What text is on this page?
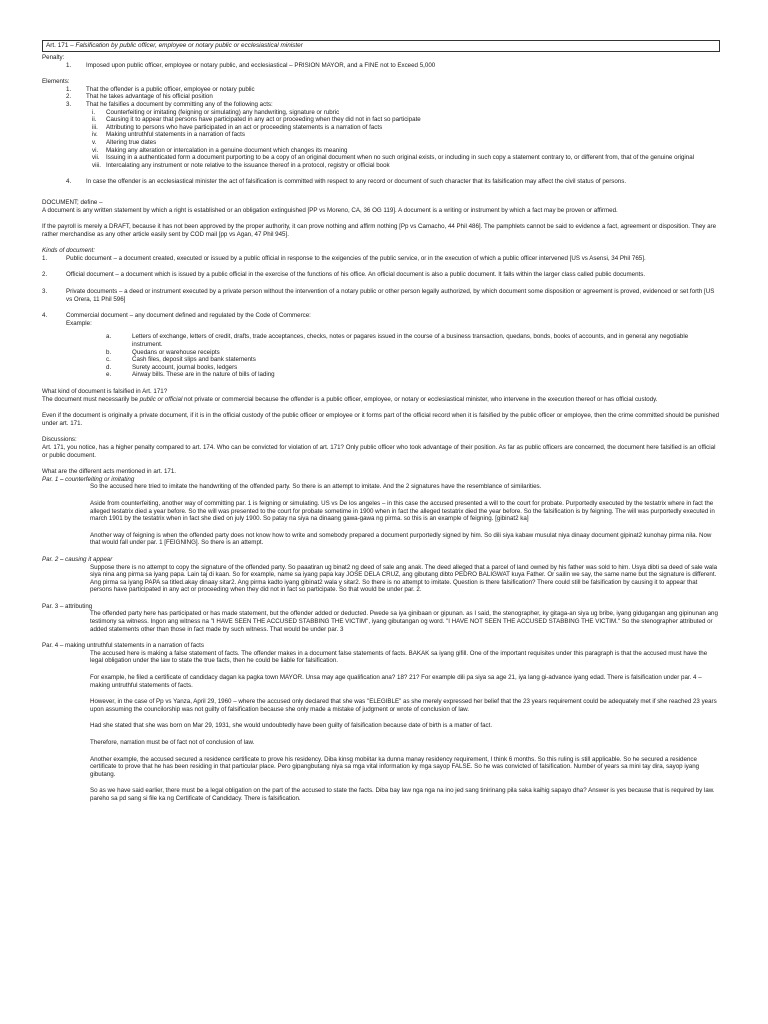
Art. 171 – Falsification by public officer, employee or notary public or ecclesiastical minister
Penalty:
1.	Imposed upon public officer, employee or notary public, and ecclesiastical – PRISION MAYOR, and a FINE not to Exceed 5,000
Elements:
1.	That the offender is a public officer, employee or notary public
2.	That he takes advantage of his official position
3.	That he falsifies a document by committing any of the following acts:
i.	Counterfeiting or imitating (feigning or simulating) any handwriting, signature or rubric
ii.	Causing it to appear that persons have participated in any act or proceeding when they did not in fact so participate
iii.	Attributing to persons who have participated in an act or proceeding statements is a narration of facts
iv.	Making untruthful statements in a narration of facts
v.	Altering true dates
vi.	Making any alteration or intercalation in a genuine document which changes its meaning
vii.	Issuing in a authenticated form a document purporting to be a copy of an original document when no such original exists, or including in such copy a statement contrary to, or different from, that of the genuine original
viii. Intercalating any instrument or note relative to the issuance thereof in a protocol, registry or official book
4.	In case the offender is an ecclesiastical minister the act of falsification is committed with respect to any record or document of such character that its falsification may affect the civil status of persons.

DOCUMENT; define –

A document is any written statement by which a right is established or an obligation extinguished [PP vs Moreno, CA, 36 OG 119]. A document is a writing or instrument by which a fact may be proven or affirmed.

If the payroll is merely a DRAFT, because it has not been approved by the proper authority, it can prove nothing and affirm nothing [Pp vs Camacho, 44 Phil 486]. The pamphlets cannot be said to evidence a fact, agreement or disposition. They are rather merchandise as any other article easily sent by COD mail [pp vs Agan, 47 Phil 945].

Kinds of document:

1.	Public document – a document created, executed or issued by a public official in response to the exigencies of the public service, or in the execution of which a public officer intervened [US vs Asensi, 34 Phil 765].
2.	Official document – a document which is issued by a public official in the exercise of the functions of his office. An official document is also a public document. It falls within the larger class called public documents.
3.	Private documents – a deed or instrument executed by a private person without the intervention of a notary public or other person legally authorized, by which document some disposition or agreement is proved, evidenced or set forth [US vs Orera, 11 Phil 596]
4.	Commercial document – any document defined and regulated by the Code of Commerce:
Example:
a.	Letters of exchange, letters of credit, drafts, trade acceptances, checks, notes or pagares issued in the course of a business transaction, quedans, bonds, books of accounts, and in general any negotiable instrument.
b.	Quedans or warehouse receipts
c.	Cash files, deposit slips and bank statements
d.	Surety account, journal books, ledgers
e.	Airway bills. These are in the nature of bills of lading

What kind of document is falsified in Art. 171?

The document must necessarily be public or official not private or commercial because the offender is a public officer, employee, or notary or ecclesiastical minister, who intervene in the execution thereof or has official custody.

Even if the document is originally a private document, if it is in the official custody of the public officer or employee or it forms part of the official record when it is falsified by the public officer or employee, then the crime committed should be punished under art. 171.

Discussions:

Art. 171, you notice, has a higher penalty compared to art. 174. Who can be convicted for violation of art. 171? Only public officer who took advantage of their position. As far as public officers are concerned, the document here falsified is an official or public document.

What are the different acts mentioned in art. 171.

Par. 1 – counterfeiting or imitating

So the accused here tried to imitate the handwriting of the offended party. So there is an attempt to imitate. And the 2 signatures have the resemblance of similarities.

Aside from counterfeiting, another way of committing par. 1 is feigning or simulating. US vs De los angeles – in this case the accused presented a will to the court for probate. Purportedly executed by the testatrix where in fact the alleged testatrix died a year before. So the will was presented to the court for probate sometime in 1900 when in fact the alleged testatrix died the year before. So the falsification is by feigning. The will was purportedly executed in march 1901 by the testatrix when in fact she died on july 1900. So patay na siya na dinaang gawa-gawa ng pirma. so this is an example of feigning. [gibinat2 ka]

Another way of feigning is when the offended party does not know how to write and somebody prepared a document purportedly signed by him. So dili siya kabaw musulat niya dinaay document gipinat2 kunohay pirma nila. Now that would fall under par. 1 [FEIGNING]. So there is an attempt.

Par. 2 – causing it appear

Suppose there is no attempt to copy the signature of the offended party. So paaatiran ug binat2 ng deed of sale ang anak. The deed alleged that a parcel of land owned by his father was sold to him. Usya dibti sa deed of sale wala siya nina ang pirma sa iyang papa. Lain taj di kaan. So for example, name sa iyang papa kay JOSE DELA CRUZ, ang gibutang dibto PEDRO BALIGWAT kuya Father. Or sailin we say, the same name but the signature is different. Ang pirma sa iyang PAPA sa titled.akay dinaay sitar2. Ang pirma kadto iyang gibinat2 wala y sitar2. So there is no attempt to imitate. Question is there falsification? There could still be falsification by causing it to appear that persons have participated in any act or proceeding when they did not in fact so participate. So that would be under par. 2.

Par. 3 – attributing

The offended party here has participated or has made statement, but the offender added or deducted. Pwede sa iya ginibaan or gipunan. as I said, the stenographer, ky gitaga-an siya ug bribe, iyang gidugangan ang gipinunan ang testimony sa witness. Ingon ang witness na "I HAVE SEEN THE ACCUSED STABBING THE VICTIM", iyang gibutangan og word. "I HAVE NOT SEEN THE ACCUSED STABBING THE VICTIM." So the stenographer attributed or added statements other than those in fact made by such witness. That would be under par. 3

Par. 4 – making untruthful statements in a narration of facts

The accused here is making a false statement of facts. The offender makes in a document false statements of facts. BAKAK sa iyang gifill. One of the important requisites under this paragraph is that the accused must have the legal obligation under the law to state the true facts, then he could be liable for falsification.

For example, he filed a certificate of candidacy dagan ka pagka town MAYOR. Unsa may age qualification ana? 18? 21? For example dili pa siya sa age 21, iya lang gi-advance iyang edad. There is falsification under par. 4 – making untruthful statements of facts.

However, in the case of Pp vs Yanza, April 29, 1960 – where the accused only declared that she was "ELEGIBLE" as she merely expressed her belief that the 23 years requirement could be adequately met if she reached 23 years upon assuming the councilorship was not guilty of falsification because she only made a mistake of judgment or wrote of conclusion of law.

Had she stated that she was born on Mar 29, 1931, she would undoubtedly have been guilty of falsification because date of birth is a matter of fact.

Therefore, narration must be of fact not of conclusion of law.

Another example, the accused secured a residence certificate to prove his residency. Diba kinsg mobiitar ka dunna manay residency requirement, I think 6 months. So this ruling is still applicable. So he secured a residence certificate to prove that he has been residing in that particular place. Pero gipangbutang niya sa mga vital information ky mga sayop FALSE. So he was convicted of falsification. Number of years sa mini tay dira, sayop iyang gibutang.

So as we have said earlier, there must be a legal obligation on the part of the accused to state the facts. Diba bay law nga nga na ino jed sang tinirinang pila saka kaihig sapayo dha? Answer is yes because that is required by law. pareho sa pd sang si file ka ng Certificate of Candidacy. There is falsification.
